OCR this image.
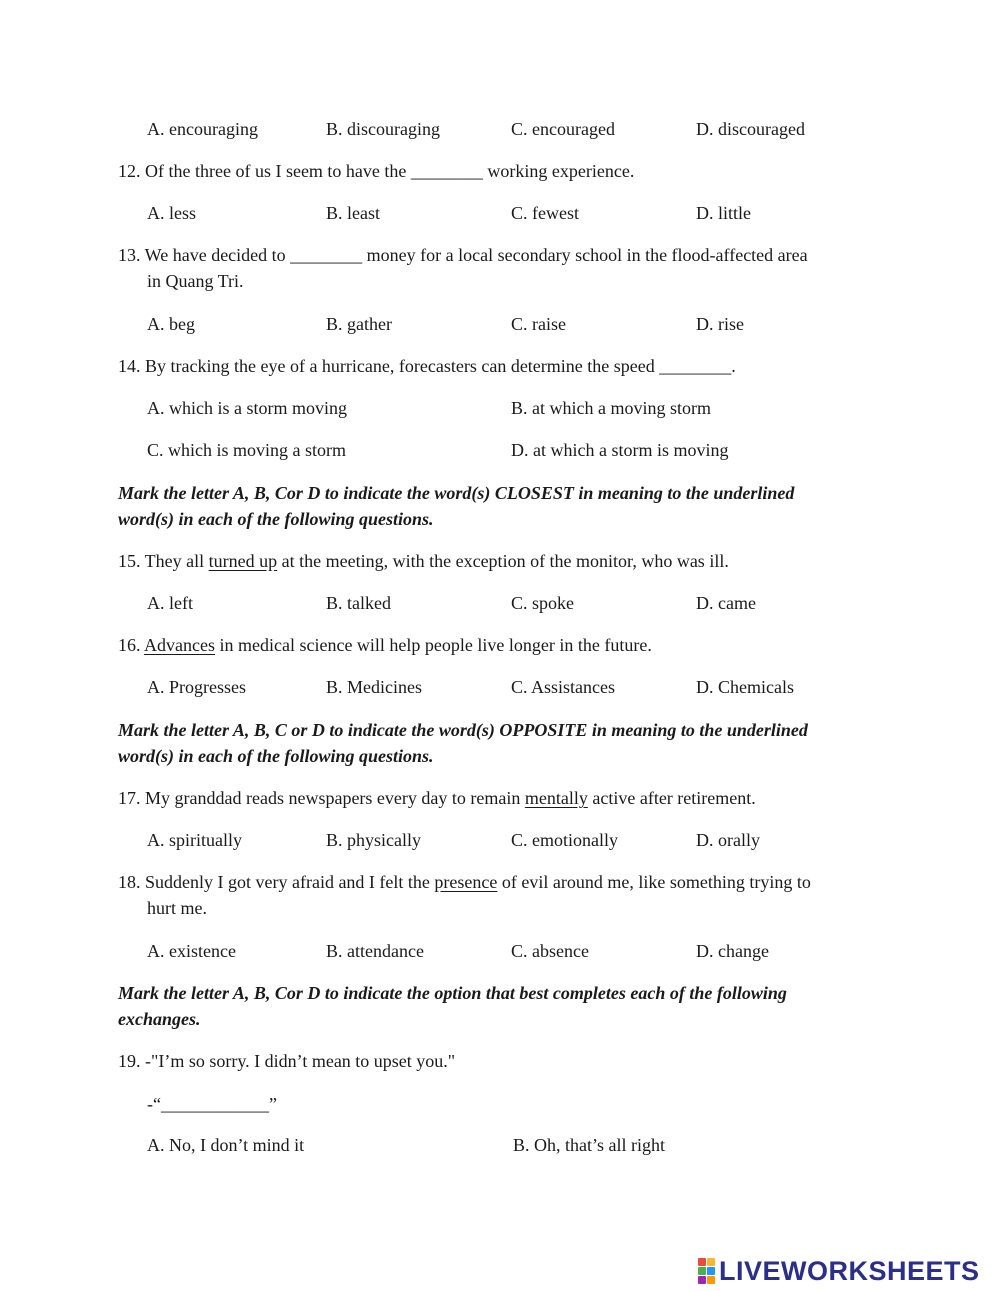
A. encouraging	B. discouraging	C. encouraged	D. discouraged
12. Of the three of us I seem to have the ________ working experience.
A. less	B. least	C. fewest	D. little
13. We have decided to ________ money for a local secondary school in the flood-affected area
in Quang Tri.
A. beg	B. gather	C. raise	D. rise
14. By tracking the eye of a hurricane, forecasters can determine the speed ________.
A. which is a storm moving	B. at which a moving storm
C. which is moving a storm	D. at which a storm is moving
Mark the letter A, B, Cor D to indicate the word(s) CLOSEST in meaning to the underlined
word(s) in each of the following questions.
15. They all turned up at the meeting, with the exception of the monitor, who was ill.
A. left	B. talked	C. spoke	D. came
16. Advances in medical science will help people live longer in the future.
A. Progresses	B. Medicines	C. Assistances	D. Chemicals
Mark the letter A, B, C or D to indicate the word(s) OPPOSITE in meaning to the underlined
word(s) in each of the following questions.
17. My granddad reads newspapers every day to remain mentally active after retirement.
A. spiritually	B. physically	C. emotionally	D. orally
18. Suddenly I got very afraid and I felt the presence of evil around me, like something trying to
hurt me.
A. existence	B. attendance	C. absence	D. change
Mark the letter A, B, Cor D to indicate the option that best completes each of the following
exchanges.
19. -"I’m so sorry. I didn’t mean to upset you."
-“____________”
A. No, I don’t mind it	B. Oh, that’s all right
LIVEWORKSHEETS
